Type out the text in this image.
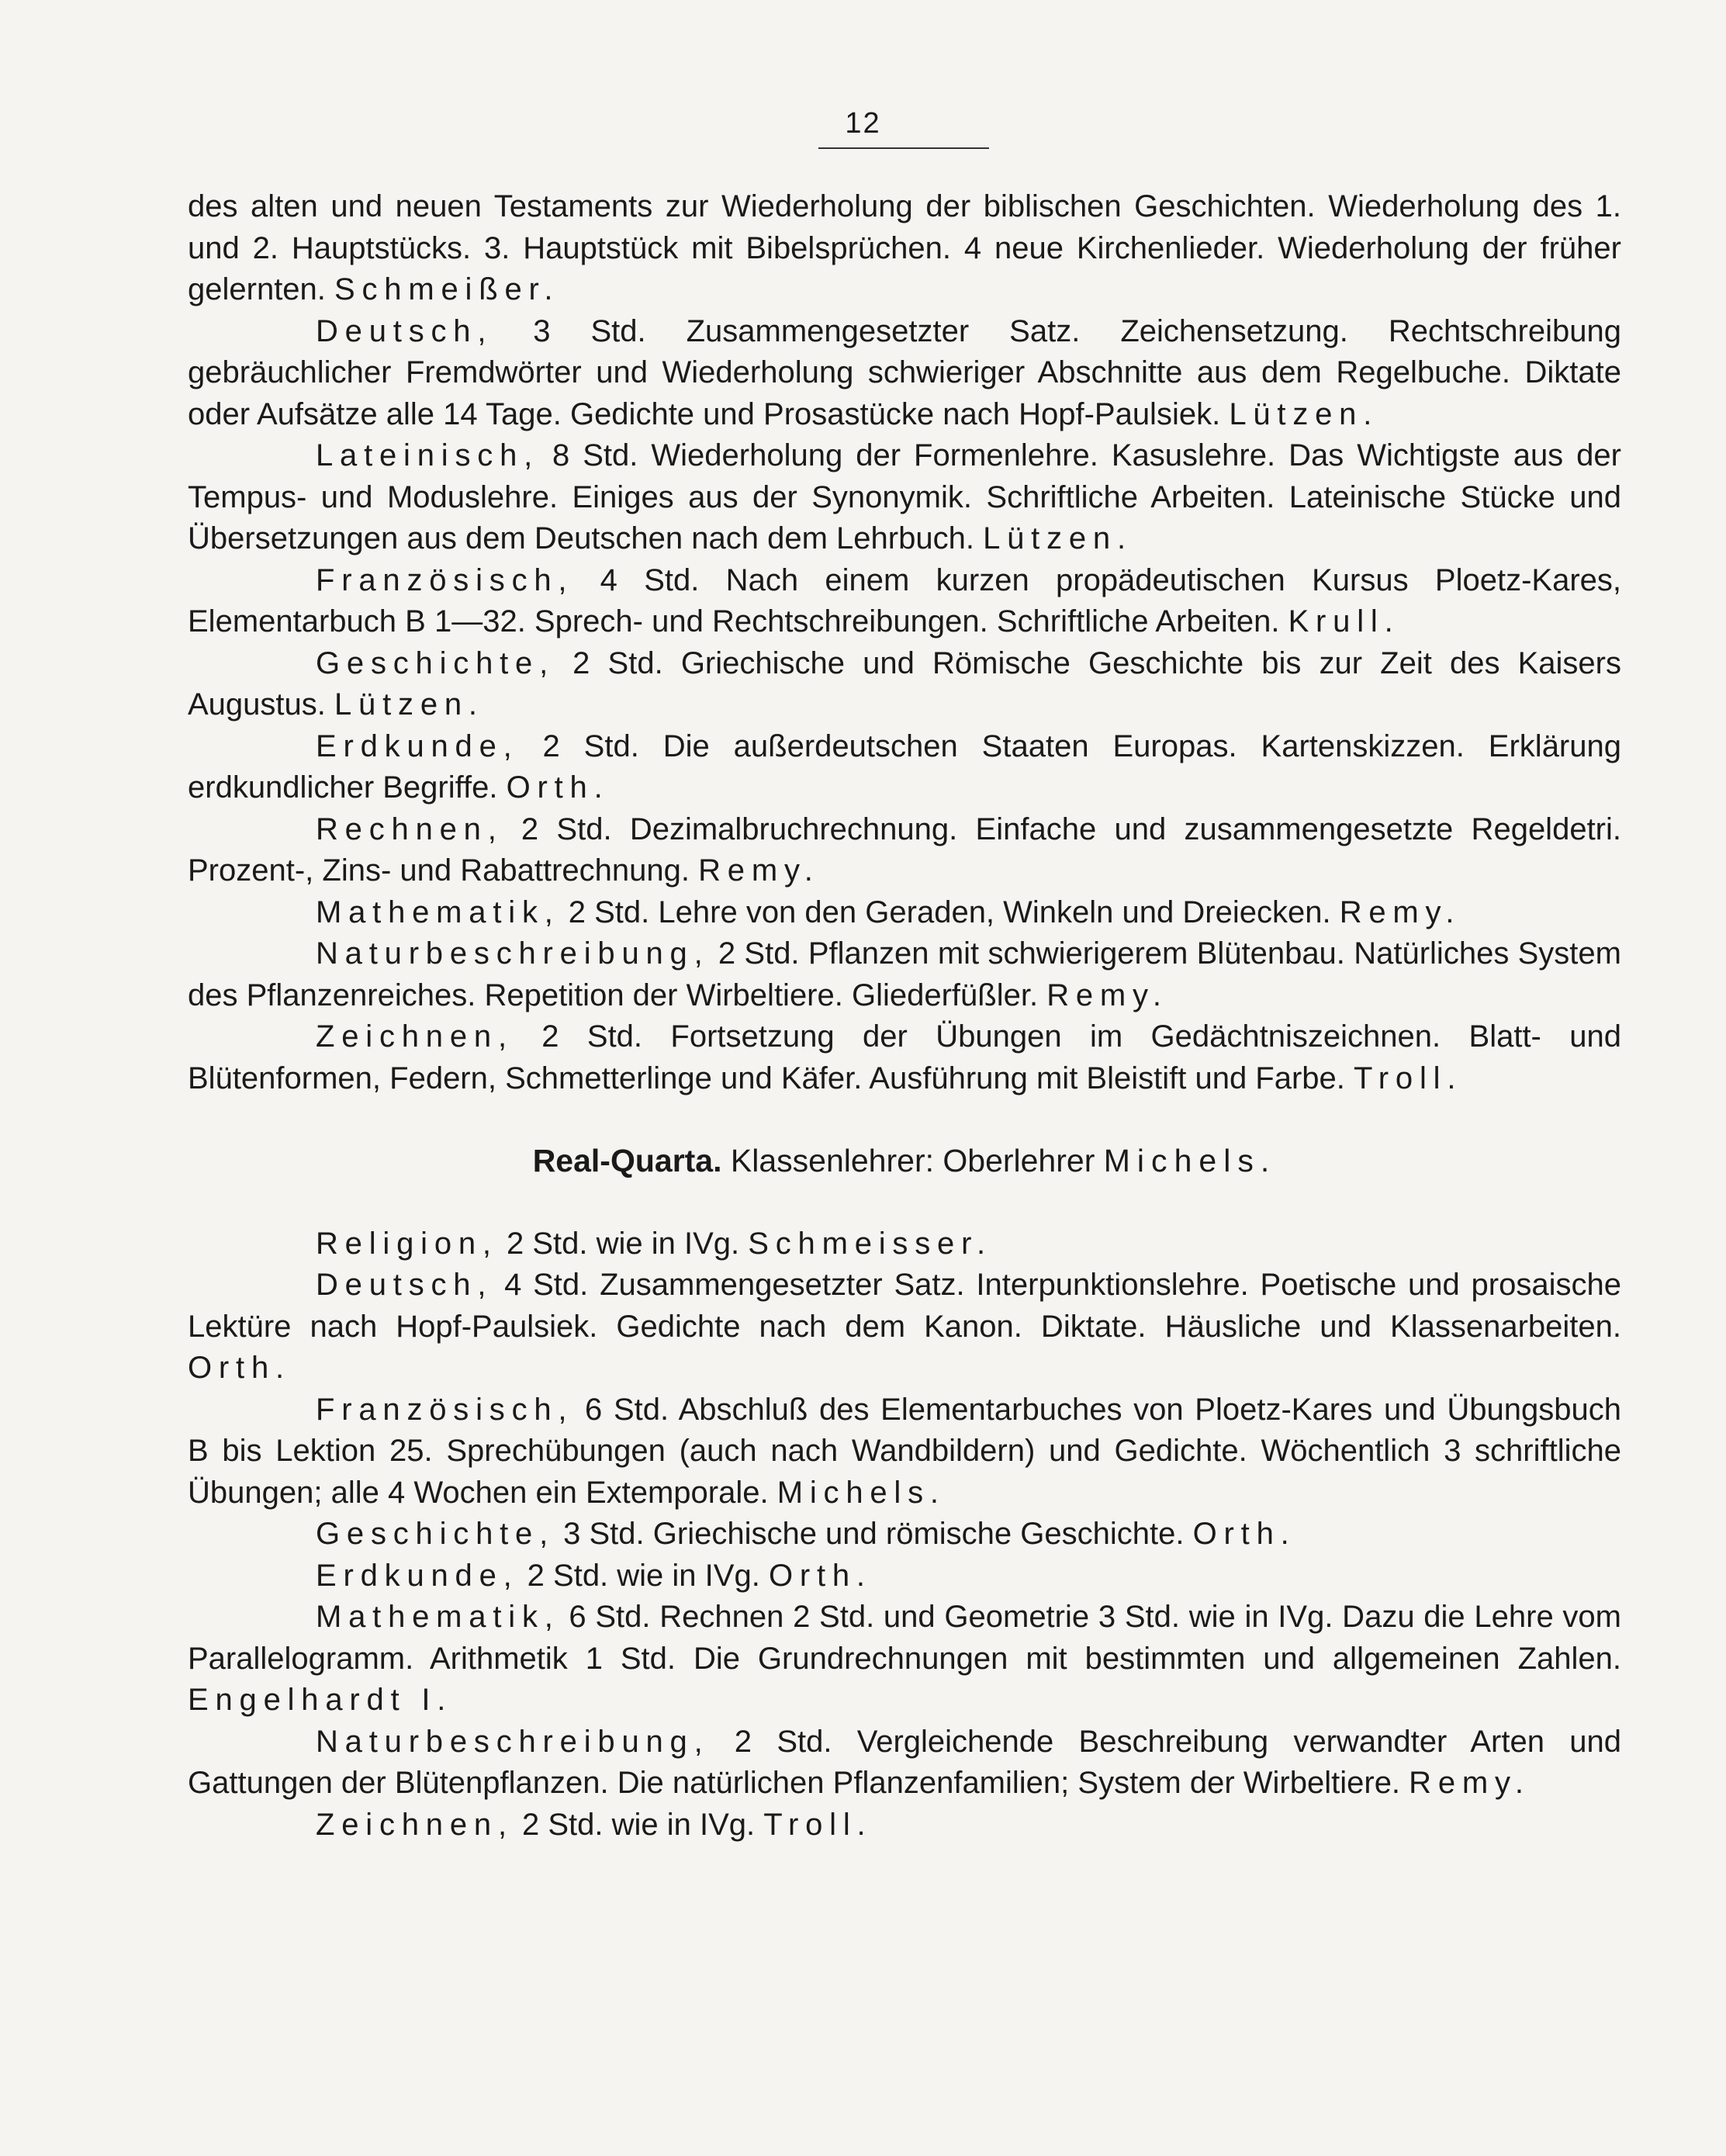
12

des alten und neuen Testaments zur Wiederholung der biblischen Geschichten. Wiederholung des 1. und 2. Hauptstücks. 3. Hauptstück mit Bibelsprüchen. 4 neue Kirchenlieder. Wiederholung der früher gelernten. Schmeißer.

Deutsch, 3 Std. Zusammengesetzter Satz. Zeichensetzung. Rechtschreibung gebräuchlicher Fremdwörter und Wiederholung schwieriger Abschnitte aus dem Regelbuche. Diktate oder Aufsätze alle 14 Tage. Gedichte und Prosastücke nach Hopf-Paulsiek. Lützen.

Lateinisch, 8 Std. Wiederholung der Formenlehre. Kasuslehre. Das Wichtigste aus der Tempus- und Moduslehre. Einiges aus der Synonymik. Schriftliche Arbeiten. Lateinische Stücke und Übersetzungen aus dem Deutschen nach dem Lehrbuch. Lützen.

Französisch, 4 Std. Nach einem kurzen propädeutischen Kursus Ploetz-Kares, Elementarbuch B 1—32. Sprech- und Rechtschreibungen. Schriftliche Arbeiten. Krull.

Geschichte, 2 Std. Griechische und Römische Geschichte bis zur Zeit des Kaisers Augustus. Lützen.

Erdkunde, 2 Std. Die außerdeutschen Staaten Europas. Kartenskizzen. Erklärung erdkundlicher Begriffe. Orth.

Rechnen, 2 Std. Dezimalbruchrechnung. Einfache und zusammengesetzte Regeldetri. Prozent-, Zins- und Rabattrechnung. Remy.

Mathematik, 2 Std. Lehre von den Geraden, Winkeln und Dreiecken. Remy.

Naturbeschreibung, 2 Std. Pflanzen mit schwierigerem Blütenbau. Natürliches System des Pflanzenreiches. Repetition der Wirbeltiere. Gliederfüßler. Remy.

Zeichnen, 2 Std. Fortsetzung der Übungen im Gedächtniszeichnen. Blatt- und Blütenformen, Federn, Schmetterlinge und Käfer. Ausführung mit Bleistift und Farbe. Troll.

Real-Quarta. Klassenlehrer: Oberlehrer Michels.

Religion, 2 Std. wie in IVg. Schmeisser.

Deutsch, 4 Std. Zusammengesetzter Satz. Interpunktionslehre. Poetische und prosaische Lektüre nach Hopf-Paulsiek. Gedichte nach dem Kanon. Diktate. Häusliche und Klassenarbeiten. Orth.

Französisch, 6 Std. Abschluß des Elementarbuches von Ploetz-Kares und Übungsbuch B bis Lektion 25. Sprechübungen (auch nach Wandbildern) und Gedichte. Wöchentlich 3 schriftliche Übungen; alle 4 Wochen ein Extemporale. Michels.

Geschichte, 3 Std. Griechische und römische Geschichte. Orth.

Erdkunde, 2 Std. wie in IVg. Orth.

Mathematik, 6 Std. Rechnen 2 Std. und Geometrie 3 Std. wie in IVg. Dazu die Lehre vom Parallelogramm. Arithmetik 1 Std. Die Grundrechnungen mit bestimmten und allgemeinen Zahlen. Engelhardt I.

Naturbeschreibung, 2 Std. Vergleichende Beschreibung verwandter Arten und Gattungen der Blütenpflanzen. Die natürlichen Pflanzenfamilien; System der Wirbeltiere. Remy.

Zeichnen, 2 Std. wie in IVg. Troll.
